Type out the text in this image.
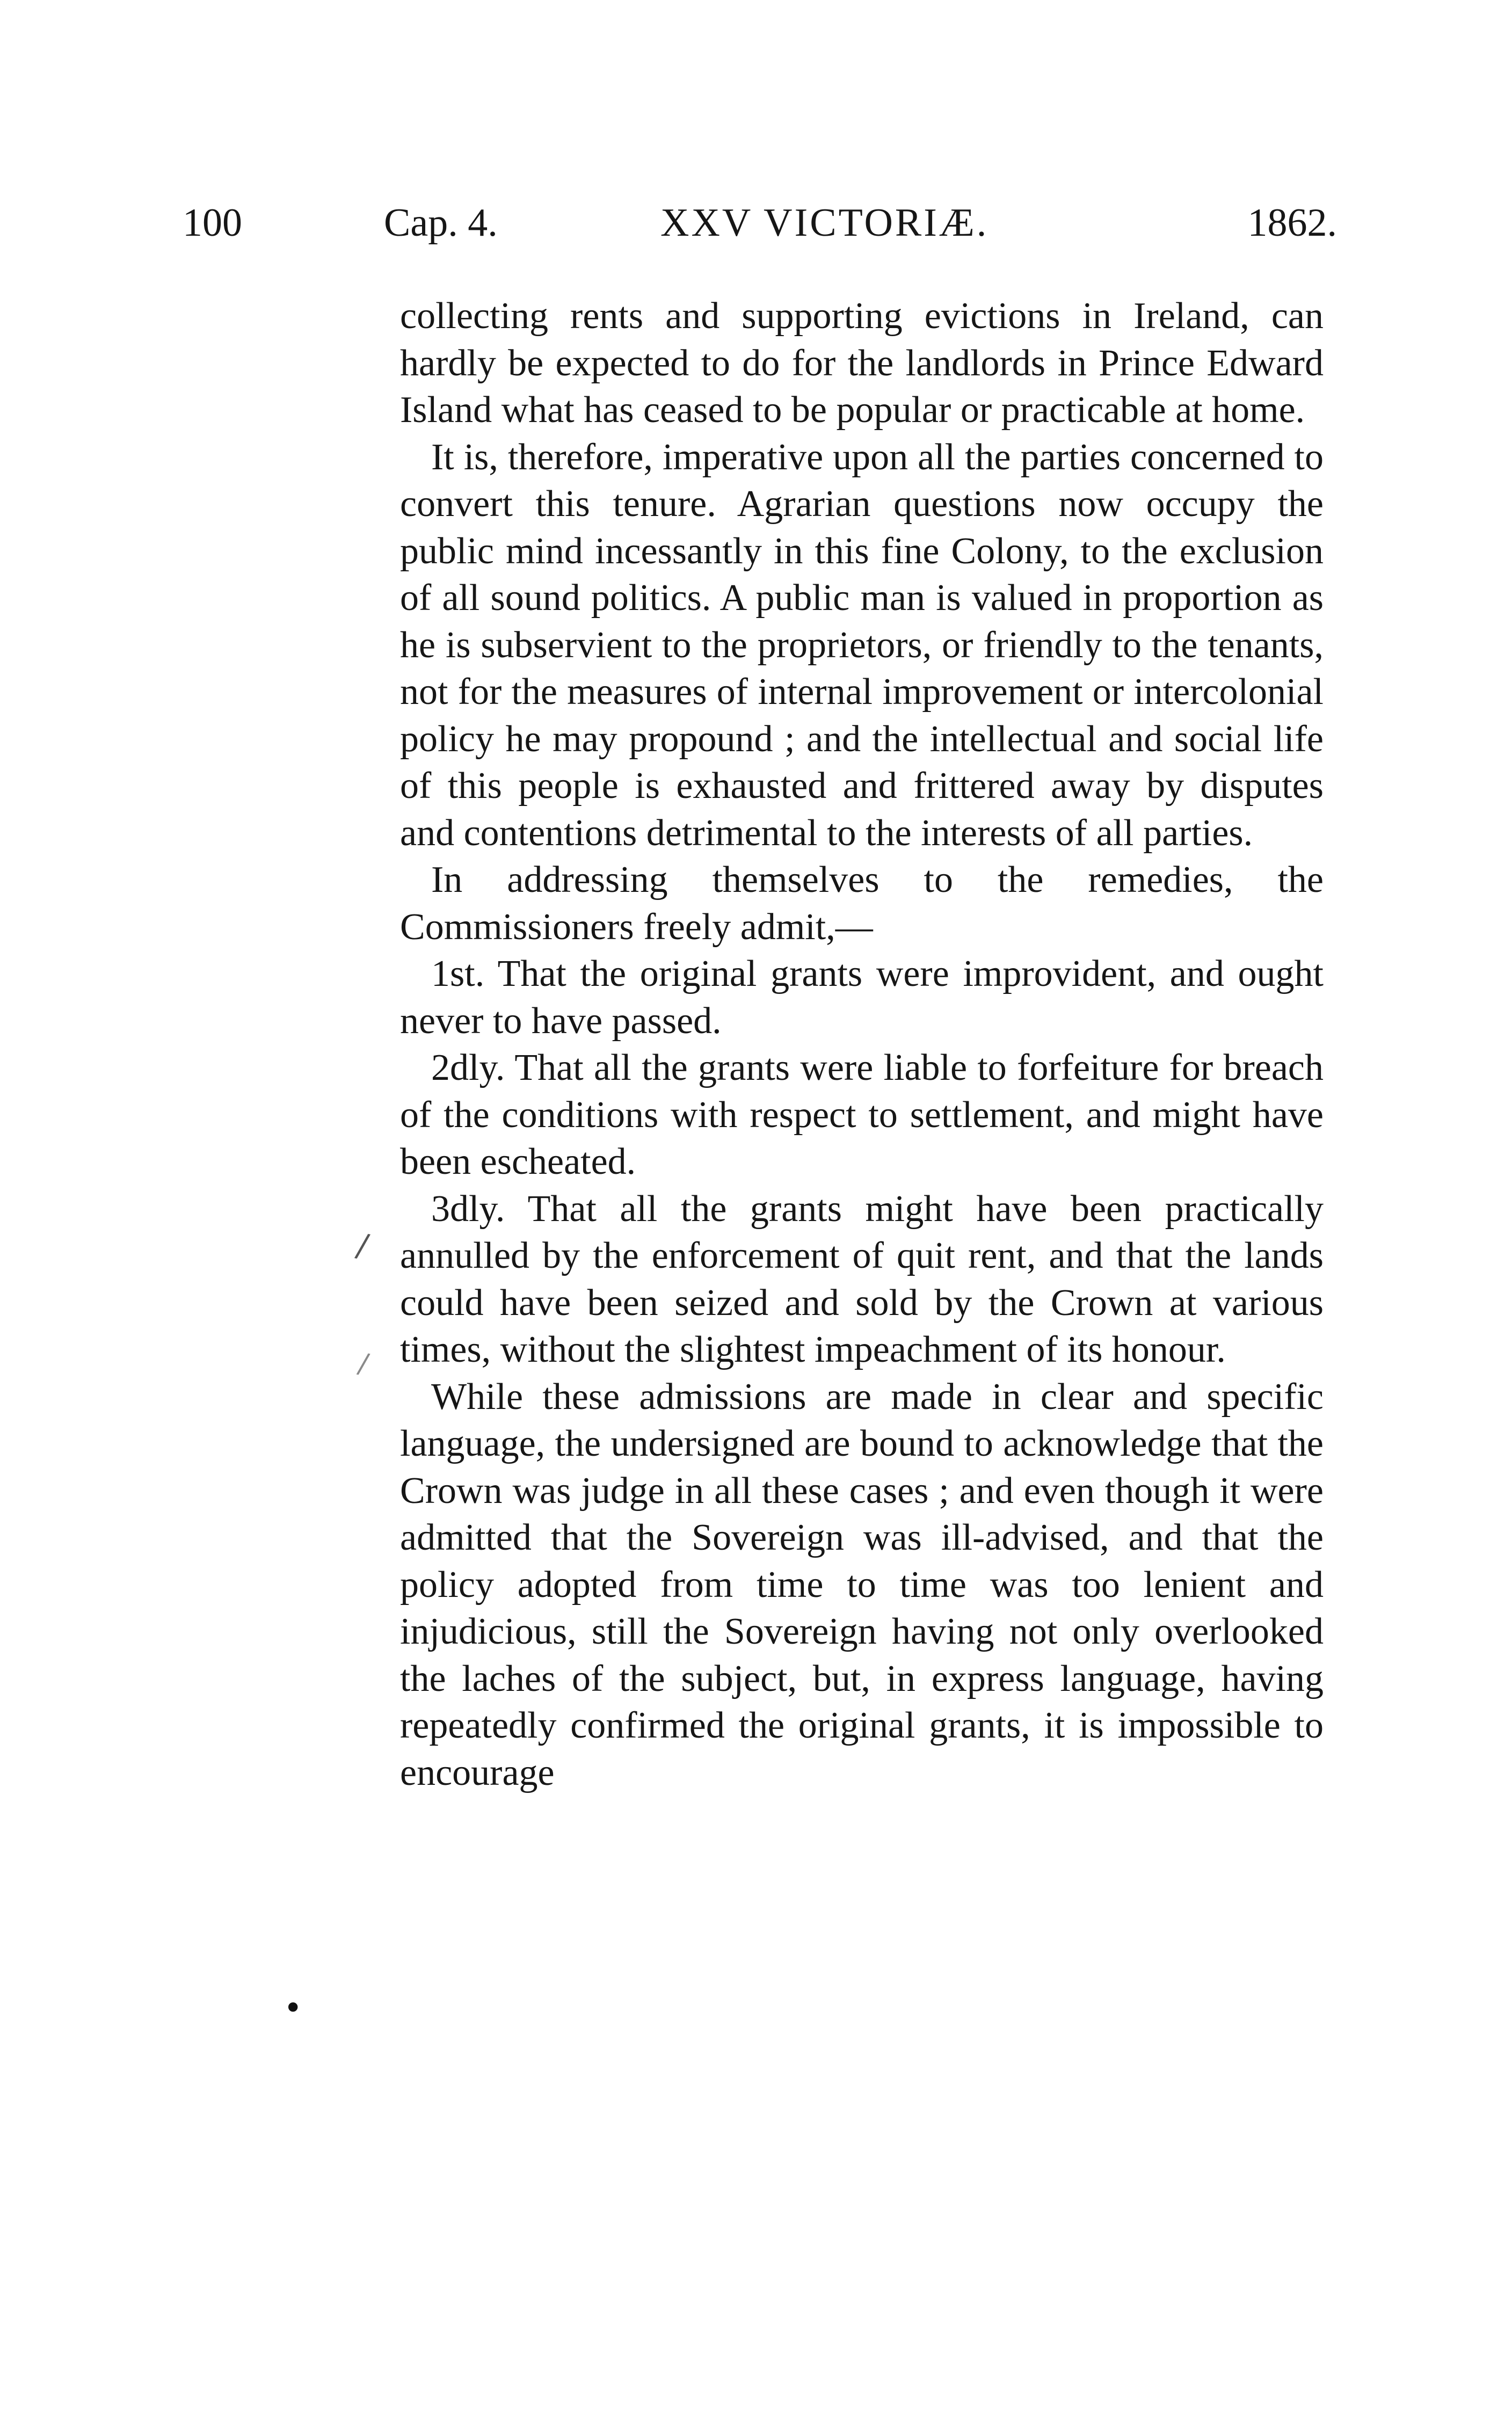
100	Cap. 4.	XXV VICTORIÆ.	1862.

collecting rents and supporting evictions in Ireland, can hardly be expected to do for the landlords in Prince Edward Island what has ceased to be popular or practicable at home.

It is, therefore, imperative upon all the parties concerned to convert this tenure. Agrarian questions now occupy the public mind incessantly in this fine Colony, to the exclusion of all sound politics. A public man is valued in proportion as he is subservient to the proprietors, or friendly to the tenants, not for the measures of internal improvement or intercolonial policy he may propound ; and the intellectual and social life of this people is exhausted and frittered away by disputes and contentions detrimental to the interests of all parties.

In addressing themselves to the remedies, the Commissioners freely admit,—

1st. That the original grants were improvident, and ought never to have passed.

2dly. That all the grants were liable to forfeiture for breach of the conditions with respect to settlement, and might have been escheated.

3dly. That all the grants might have been practically annulled by the enforcement of quit rent, and that the lands could have been seized and sold by the Crown at various times, without the slightest impeachment of its honour.

While these admissions are made in clear and specific language, the undersigned are bound to acknowledge that the Crown was judge in all these cases ; and even though it were admitted that the Sovereign was ill-advised, and that the policy adopted from time to time was too lenient and injudicious, still the Sovereign having not only overlooked the laches of the subject, but, in express language, having repeatedly confirmed the original grants, it is impossible to encourage

/
/
•
